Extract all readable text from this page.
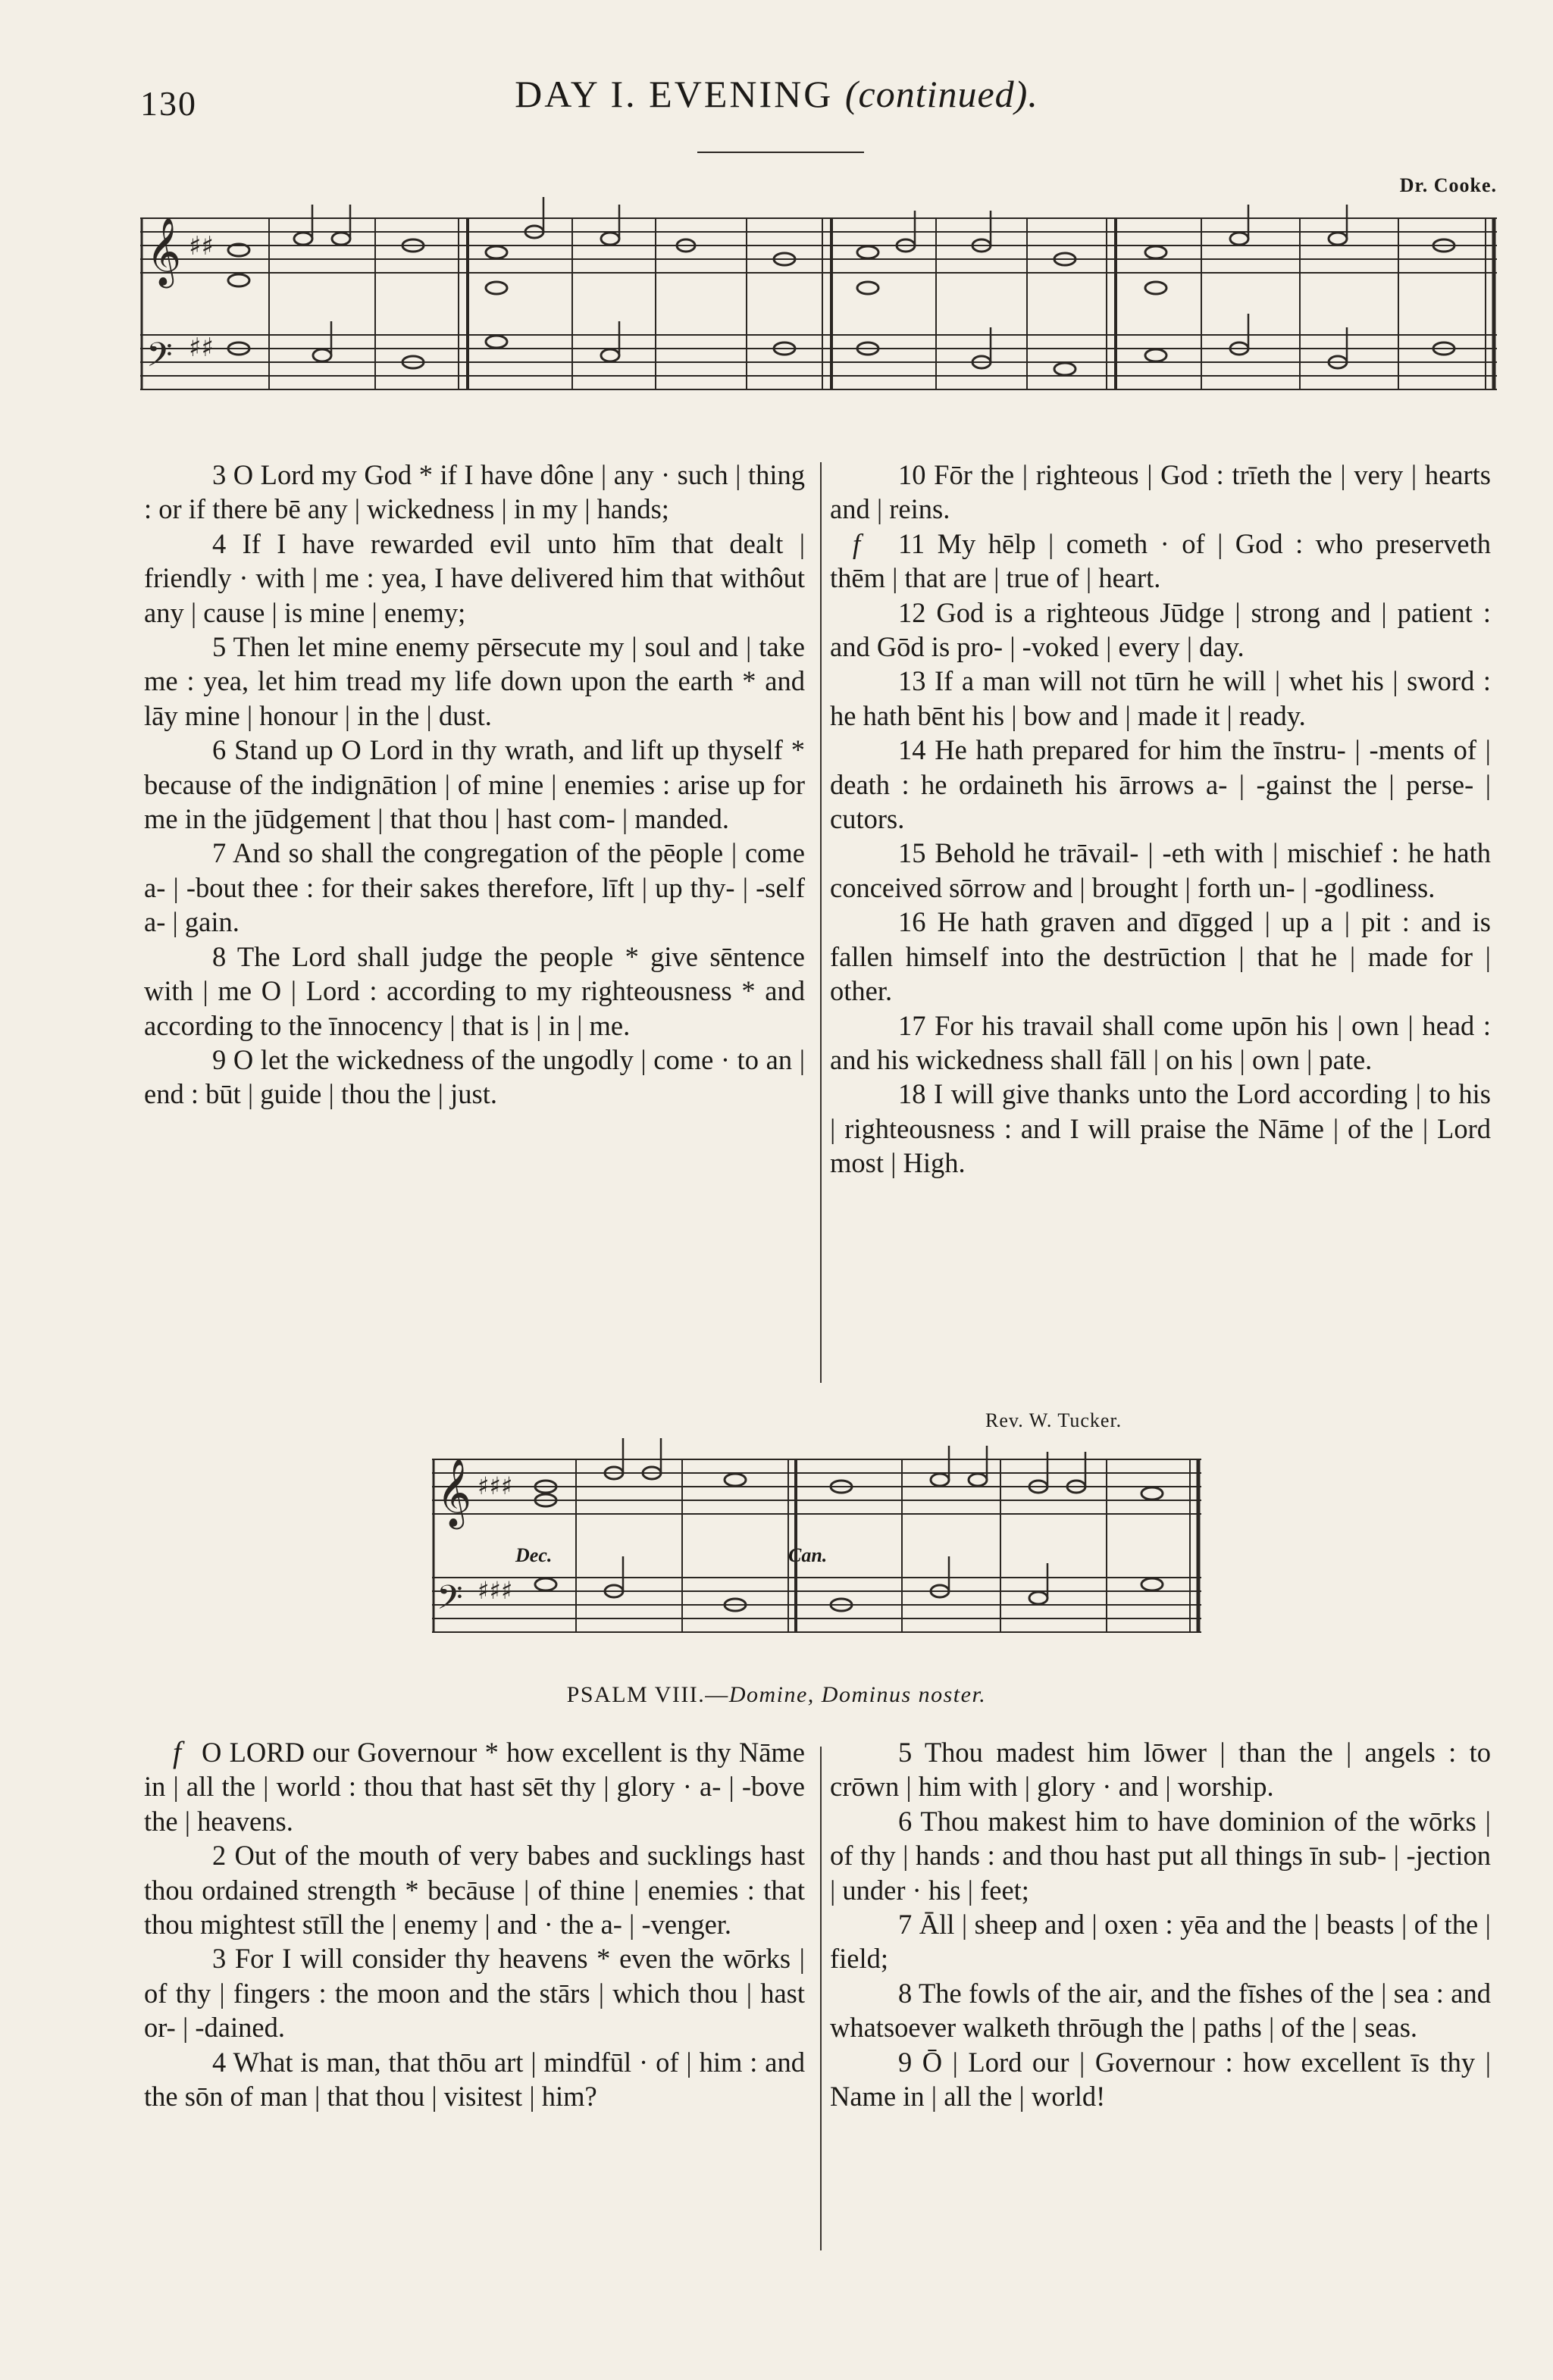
130	DAY I. EVENING (continued).
Dr. Cooke.
𝄞 ♯♯
𝄢 ♯♯

3 O Lord my God * if I have dône | any · such | thing : or if there bē any | wickedness | in my | hands;

4 If I have rewarded evil unto hīm that dealt | friendly · with | me : yea, I have delivered him that withôut any | cause | is mine | enemy;

5 Then let mine enemy pērsecute my | soul and | take me : yea, let him tread my life down upon the earth * and lāy mine | honour | in the | dust.

6 Stand up O Lord in thy wrath, and lift up thyself * because of the indignātion | of mine | enemies : arise up for me in the jūdgement | that thou | hast com- | manded.

7 And so shall the congregation of the pēople | come a- | -bout thee : for their sakes therefore, līft | up thy- | -self a- | gain.

8 The Lord shall judge the people * give sēntence with | me O | Lord : according to my righteousness * and according to the īnnocency | that is | in | me.

9 O let the wickedness of the ungodly | come · to an | end : būt | guide | thou the | just.

10 Fōr the | righteous | God : trīeth the | very | hearts and | reins.

f	11 My hēlp | cometh · of | God : who preserveth thēm | that are | true of | heart.

12 God is a righteous Jūdge | strong and | patient : and Gōd is pro- | -voked | every | day.

13 If a man will not tūrn he will | whet his | sword : he hath bēnt his | bow and | made it | ready.

14 He hath prepared for him the īnstru- | -ments of | death : he ordaineth his ārrows a- | -gainst the | perse- | cutors.

15 Behold he trāvail- | -eth with | mischief : he hath conceived sōrrow and | brought | forth un- | -godliness.

16 He hath graven and dīgged | up a | pit : and is fallen himself into the destrūction | that he | made for | other.

17 For his travail shall come upōn his | own | head : and his wickedness shall fāll | on his | own | pate.

18 I will give thanks unto the Lord according | to his | righteousness : and I will praise the Nāme | of the | Lord most | High.

Rev. W. Tucker.
Dec.	Can.
𝄞 ♯♯♯
𝄢 ♯♯♯
PSALM VIII.—Domine, Dominus noster.
f O LORD our Governour * how excellent is thy Nāme in | all the | world : thou that hast sēt thy | glory · a- | -bove the | heavens.

2 Out of the mouth of very babes and sucklings hast thou ordained strength * becāuse | of thine | enemies : that thou mightest stīll the | enemy | and · the a- | -venger.

3 For I will consider thy heavens * even the wōrks | of thy | fingers : the moon and the stārs | which thou | hast or- | -dained.

4 What is man, that thōu art | mindfūl · of | him : and the sōn of man | that thou | visitest | him?

5 Thou madest him lōwer | than the | angels : to crōwn | him with | glory · and | worship.

6 Thou makest him to have dominion of the wōrks | of thy | hands : and thou hast put all things īn sub- | -jection | under · his | feet;

7 Āll | sheep and | oxen : yēa and the | beasts | of the | field;

8 The fowls of the air, and the fīshes of the | sea : and whatsoever walketh thrōugh the | paths | of the | seas.

9 Ō | Lord our | Governour : how excellent īs thy | Name in | all the | world!
